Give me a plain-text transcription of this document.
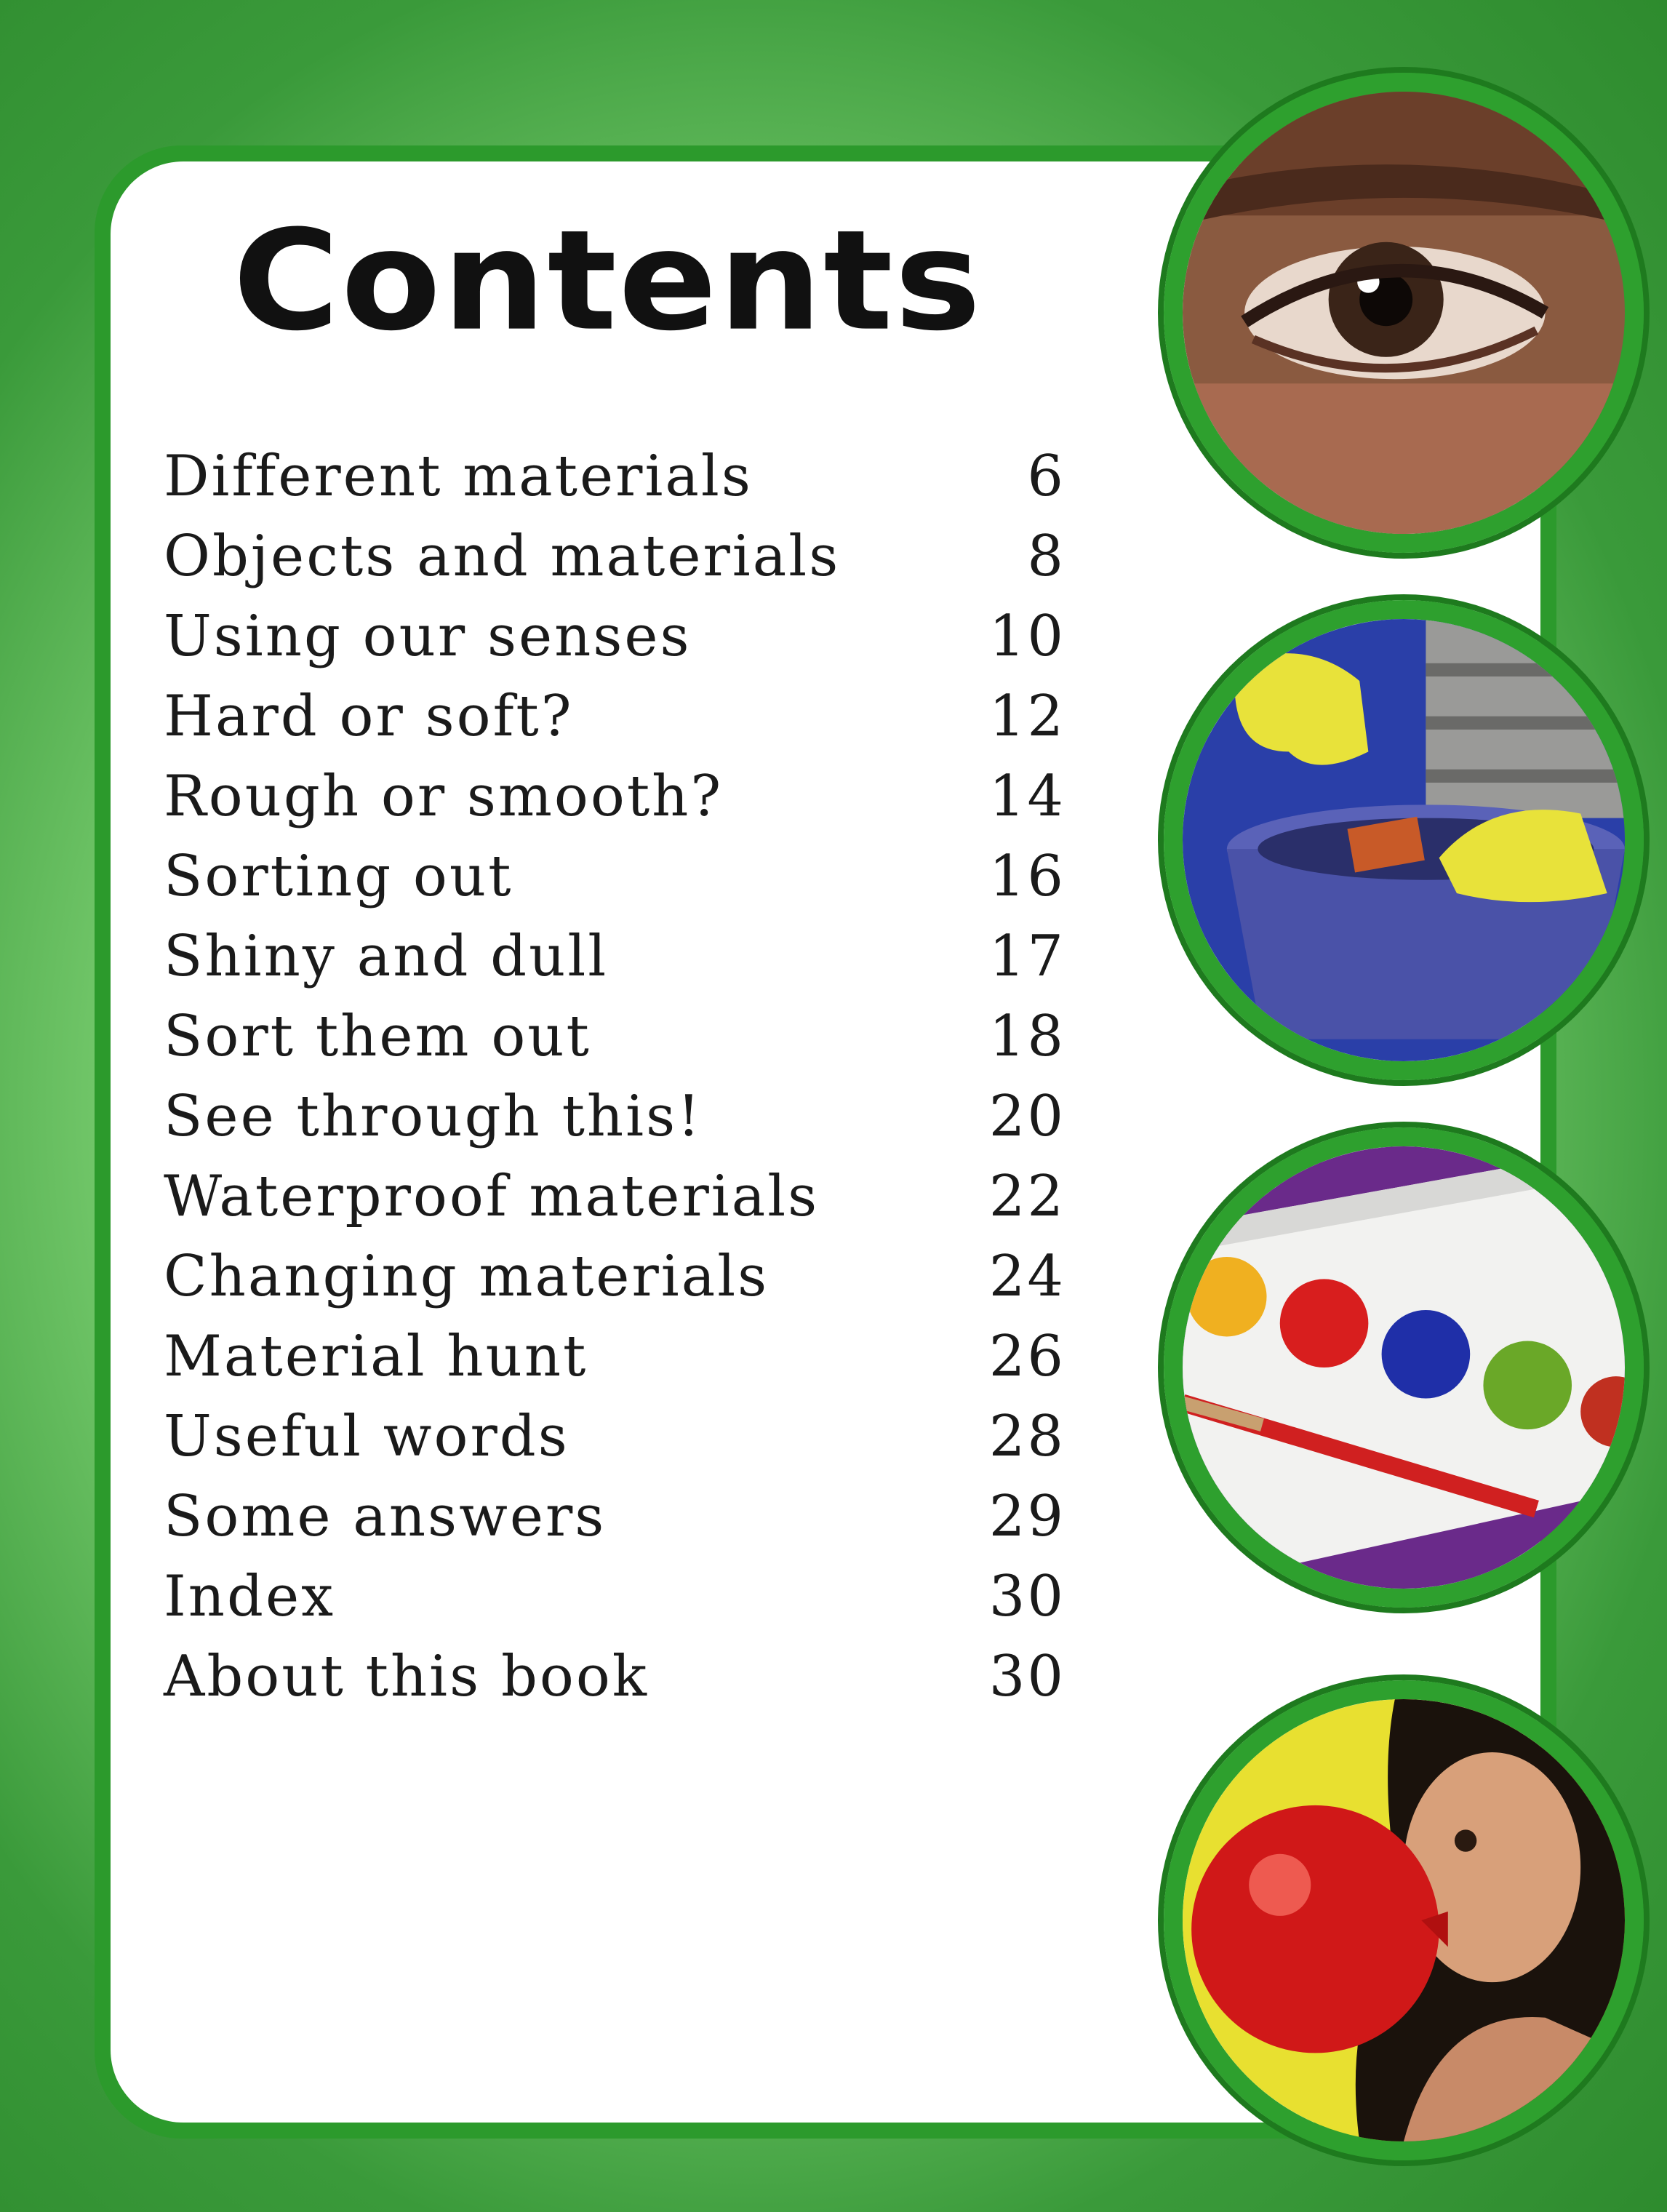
Contents
Different materials	6
Objects and materials	8
Using our senses	10
Hard or soft?	12
Rough or smooth?	14
Sorting out	16
Shiny and dull	17
Sort them out	18
See through this!	20
Waterproof materials	22
Changing materials	24
Material hunt	26
Useful words	28
Some answers	29
Index	30
About this book	30
